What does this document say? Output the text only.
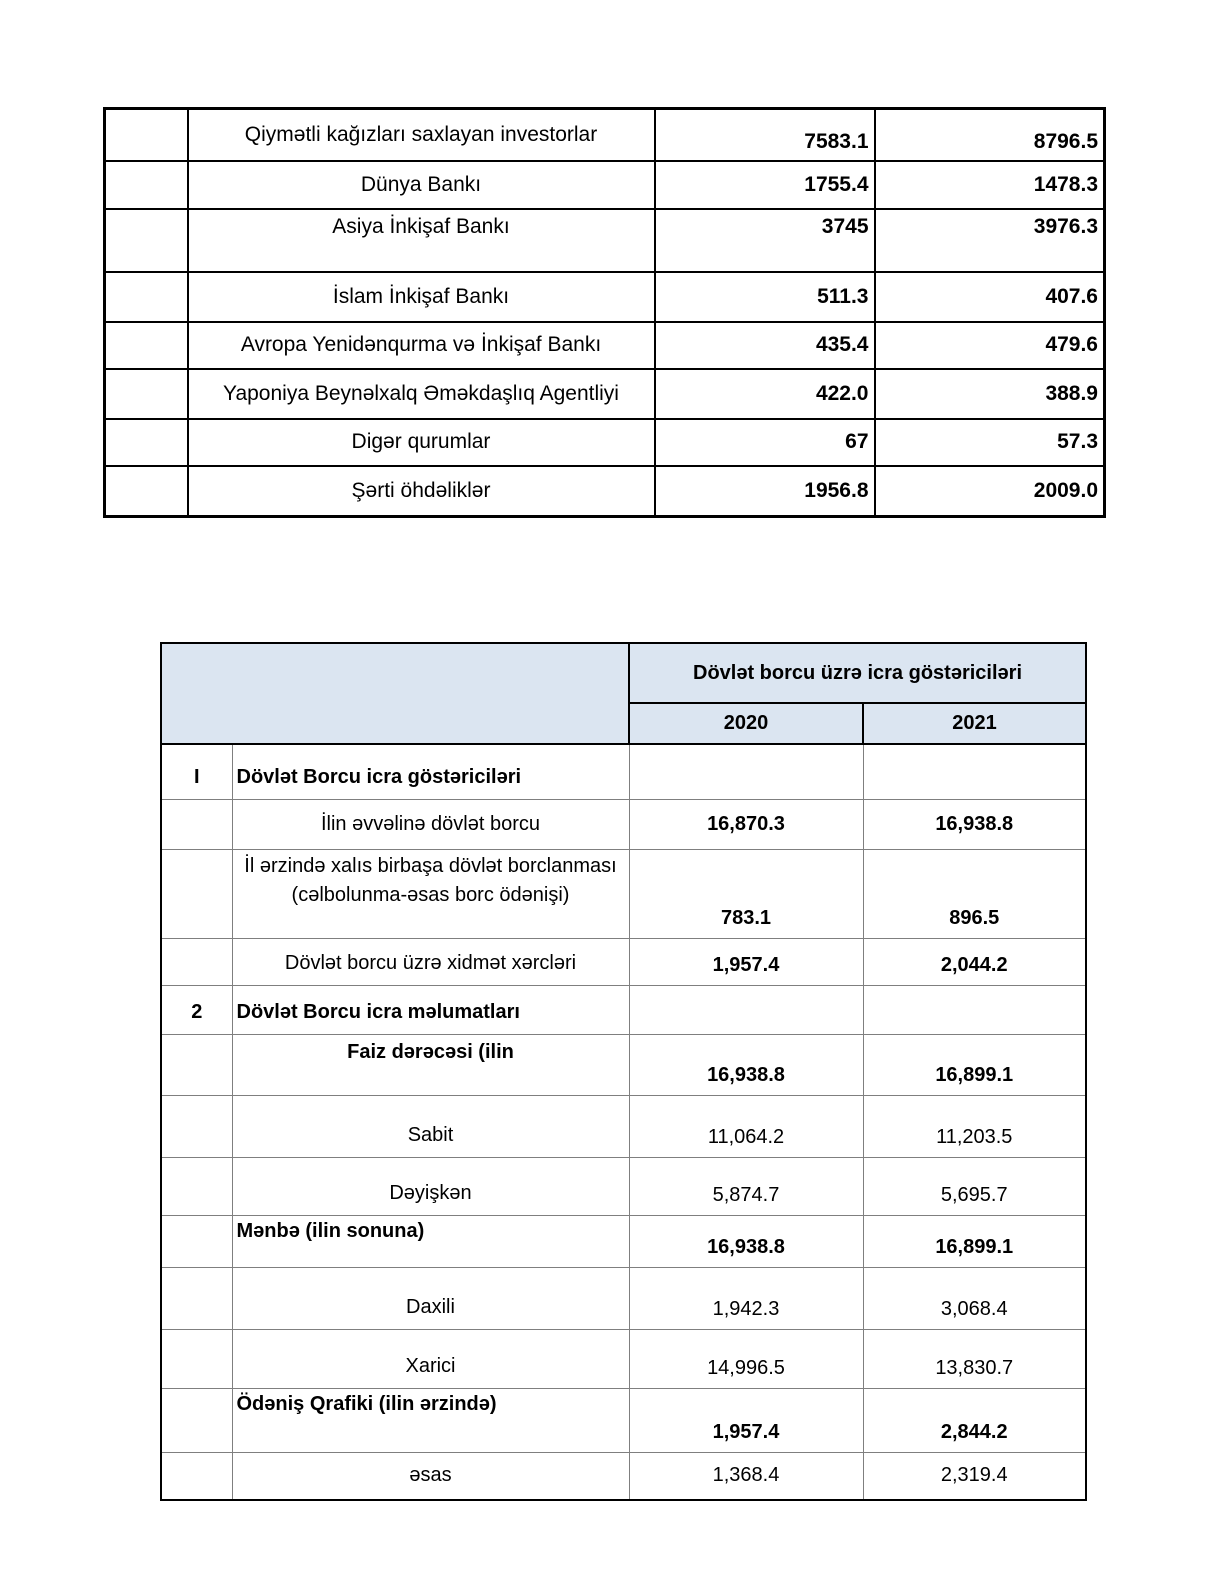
	Qiymətli kağızları saxlayan investorlar	7583.1	8796.5
	Dünya Bankı	1755.4	1478.3
	Asiya İnkişaf Bankı	3745	3976.3
	İslam İnkişaf Bankı	511.3	407.6
	Avropa Yenidənqurma və İnkişaf Bankı	435.4	479.6
	Yaponiya Beynəlxalq Əməkdaşlıq Agentliyi	422.0	388.9
	Digər qurumlar	67	57.3
	Şərti öhdəliklər	1956.8	2009.0
		Dövlət borcu üzrə icra göstəriciləri	
		2020	2021
I	Dövlət Borcu icra göstəriciləri		
	İlin əvvəlinə dövlət borcu	16,870.3	16,938.8
	İl ərzində xalıs birbaşa dövlət borclanması (cəlbolunma-əsas borc ödənişi)	783.1	896.5
	Dövlət borcu üzrə xidmət xərcləri	1,957.4	2,044.2
2	Dövlət Borcu icra məlumatları		
	Faiz dərəcəsi (ilin	16,938.8	16,899.1
	Sabit	11,064.2	11,203.5
	Dəyişkən	5,874.7	5,695.7
	Mənbə (ilin sonuna)	16,938.8	16,899.1
	Daxili	1,942.3	3,068.4
	Xarici	14,996.5	13,830.7
	Ödəniş Qrafiki (ilin ərzində)	1,957.4	2,844.2
	əsas	1,368.4	2,319.4
